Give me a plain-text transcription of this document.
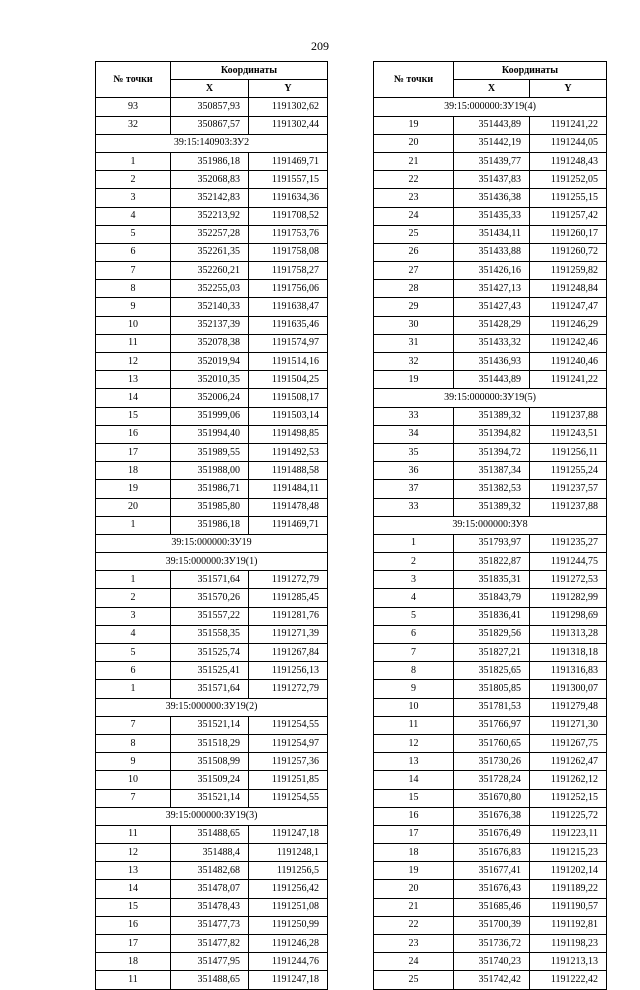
209
№ точки	Координаты	
	X	Y
93	350857,93	1191302,62
32	350867,57	1191302,44
39:15:140903:ЗУ2		
1	351986,18	1191469,71
2	352068,83	1191557,15
3	352142,83	1191634,36
4	352213,92	1191708,52
5	352257,28	1191753,76
6	352261,35	1191758,08
7	352260,21	1191758,27
8	352255,03	1191756,06
9	352140,33	1191638,47
10	352137,39	1191635,46
11	352078,38	1191574,97
12	352019,94	1191514,16
13	352010,35	1191504,25
14	352006,24	1191508,17
15	351999,06	1191503,14
16	351994,40	1191498,85
17	351989,55	1191492,53
18	351988,00	1191488,58
19	351986,71	1191484,11
20	351985,80	1191478,48
1	351986,18	1191469,71
39:15:000000:ЗУ19		
39:15:000000:ЗУ19(1)		
1	351571,64	1191272,79
2	351570,26	1191285,45
3	351557,22	1191281,76
4	351558,35	1191271,39
5	351525,74	1191267,84
6	351525,41	1191256,13
1	351571,64	1191272,79
39:15:000000:ЗУ19(2)		
7	351521,14	1191254,55
8	351518,29	1191254,97
9	351508,99	1191257,36
10	351509,24	1191251,85
7	351521,14	1191254,55
39:15:000000:ЗУ19(3)		
11	351488,65	1191247,18
12	351488,4	1191248,1
13	351482,68	1191256,5
14	351478,07	1191256,42
15	351478,43	1191251,08
16	351477,73	1191250,99
17	351477,82	1191246,28
18	351477,95	1191244,76
11	351488,65	1191247,18
№ точки	Координаты	
	X	Y
39:15:000000:ЗУ19(4)		
19	351443,89	1191241,22
20	351442,19	1191244,05
21	351439,77	1191248,43
22	351437,83	1191252,05
23	351436,38	1191255,15
24	351435,33	1191257,42
25	351434,11	1191260,17
26	351433,88	1191260,72
27	351426,16	1191259,82
28	351427,13	1191248,84
29	351427,43	1191247,47
30	351428,29	1191246,29
31	351433,32	1191242,46
32	351436,93	1191240,46
19	351443,89	1191241,22
39:15:000000:ЗУ19(5)		
33	351389,32	1191237,88
34	351394,82	1191243,51
35	351394,72	1191256,11
36	351387,34	1191255,24
37	351382,53	1191237,57
33	351389,32	1191237,88
39:15:000000:ЗУ8		
1	351793,97	1191235,27
2	351822,87	1191244,75
3	351835,31	1191272,53
4	351843,79	1191282,99
5	351836,41	1191298,69
6	351829,56	1191313,28
7	351827,21	1191318,18
8	351825,65	1191316,83
9	351805,85	1191300,07
10	351781,53	1191279,48
11	351766,97	1191271,30
12	351760,65	1191267,75
13	351730,26	1191262,47
14	351728,24	1191262,12
15	351670,80	1191252,15
16	351676,38	1191225,72
17	351676,49	1191223,11
18	351676,83	1191215,23
19	351677,41	1191202,14
20	351676,43	1191189,22
21	351685,46	1191190,57
22	351700,39	1191192,81
23	351736,72	1191198,23
24	351740,23	1191213,13
25	351742,42	1191222,42
